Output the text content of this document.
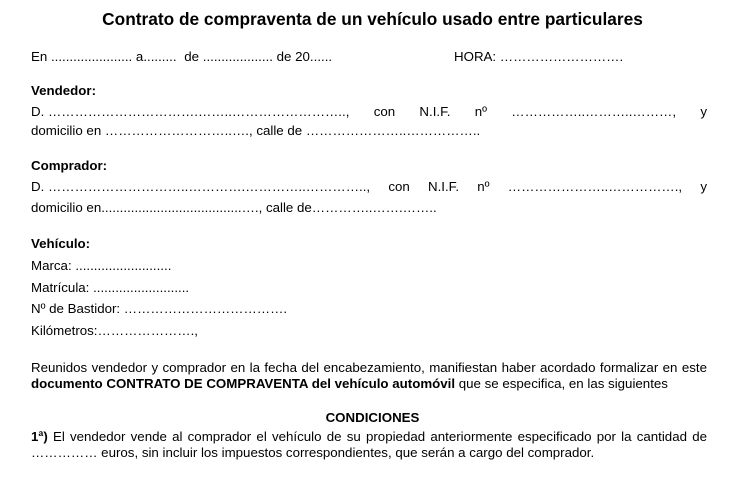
Contrato de compraventa de un vehículo usado entre particulares
En ...................... a......... de ................... de 20......	HORA: ……………………….
Vendedor:
D. …………………………….……..…………………….., con N.I.F. nº ……………..………..………, y
domicilio en ………………………..…., calle de …………………..……………..
Comprador:
D. …………………………..………….…………..………….., con N.I.F. nº …………………..……………., y
domicilio en......................................…., calle de…………..…….……..
Vehículo:
Marca: ..........................
Matrícula: ..........................
Nº de Bastidor: ……………………………….
Kilómetros:………………….,
Reunidos vendedor y comprador en la fecha del encabezamiento, manifiestan haber acordado formalizar en este documento CONTRATO DE COMPRAVENTA del vehículo automóvil que se especifica, en las siguientes
CONDICIONES
1ª) El vendedor vende al comprador el vehículo de su propiedad anteriormente especificado por la cantidad de …………… euros, sin incluir los impuestos correspondientes, que serán a cargo del comprador.
